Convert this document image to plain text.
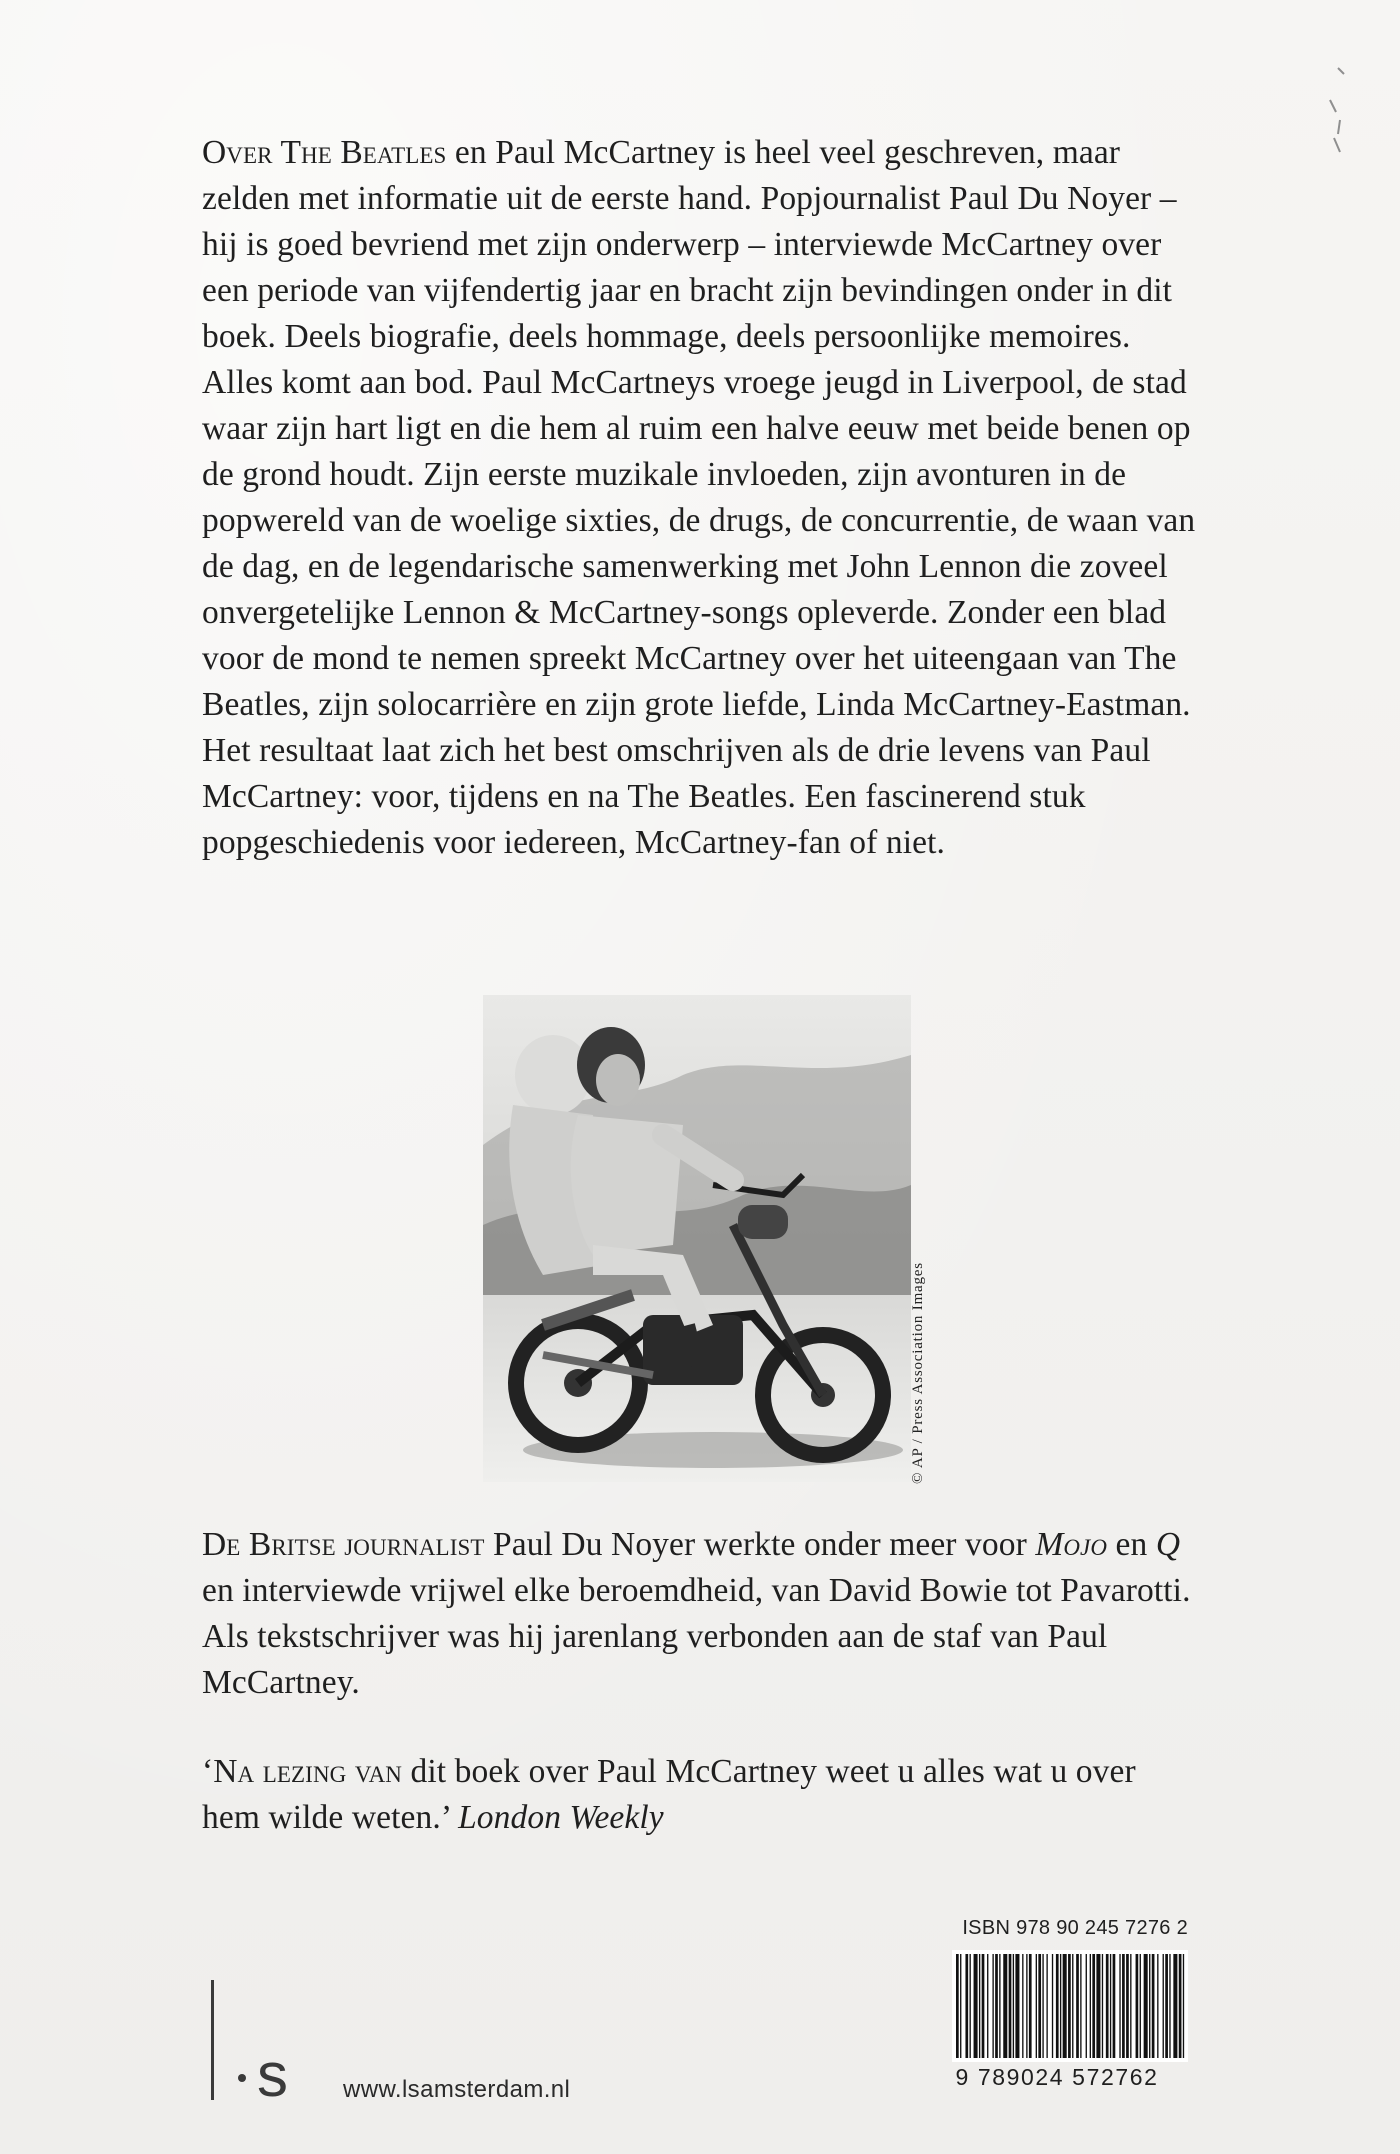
Over The Beatles en Paul McCartney is heel veel geschreven, maar zelden met informatie uit de eerste hand. Popjournalist Paul Du Noyer – hij is goed bevriend met zijn onderwerp – interviewde McCartney over een periode van vijfendertig jaar en bracht zijn bevindingen onder in dit boek. Deels biografie, deels hommage, deels persoonlijke memoires.

Alles komt aan bod. Paul McCartneys vroege jeugd in Liverpool, de stad waar zijn hart ligt en die hem al ruim een halve eeuw met beide benen op de grond houdt. Zijn eerste muzikale invloeden, zijn avonturen in de popwereld van de woelige sixties, de drugs, de concurrentie, de waan van de dag, en de legendarische samenwerking met John Lennon die zoveel onvergetelijke Lennon & McCartney-songs opleverde. Zonder een blad voor de mond te nemen spreekt McCartney over het uiteengaan van The Beatles, zijn solocarrière en zijn grote liefde, Linda McCartney-Eastman. Het resultaat laat zich het best omschrijven als de drie levens van Paul McCartney: voor, tijdens en na The Beatles. Een fascinerend stuk popgeschiedenis voor iedereen, McCartney-fan of niet.

© AP / Press Association Images

De Britse journalist Paul Du Noyer werkte onder meer voor Mojo en Q en interviewde vrijwel elke beroemdheid, van David Bowie tot Pavarotti. Als tekstschrijver was hij jarenlang verbonden aan de staf van Paul McCartney.

‘Na lezing van dit boek over Paul McCartney weet u alles wat u over hem wilde weten.’ London Weekly

s www.lsamsterdam.nl
ISBN 978 90 245 7276 2
9 789024 572762
